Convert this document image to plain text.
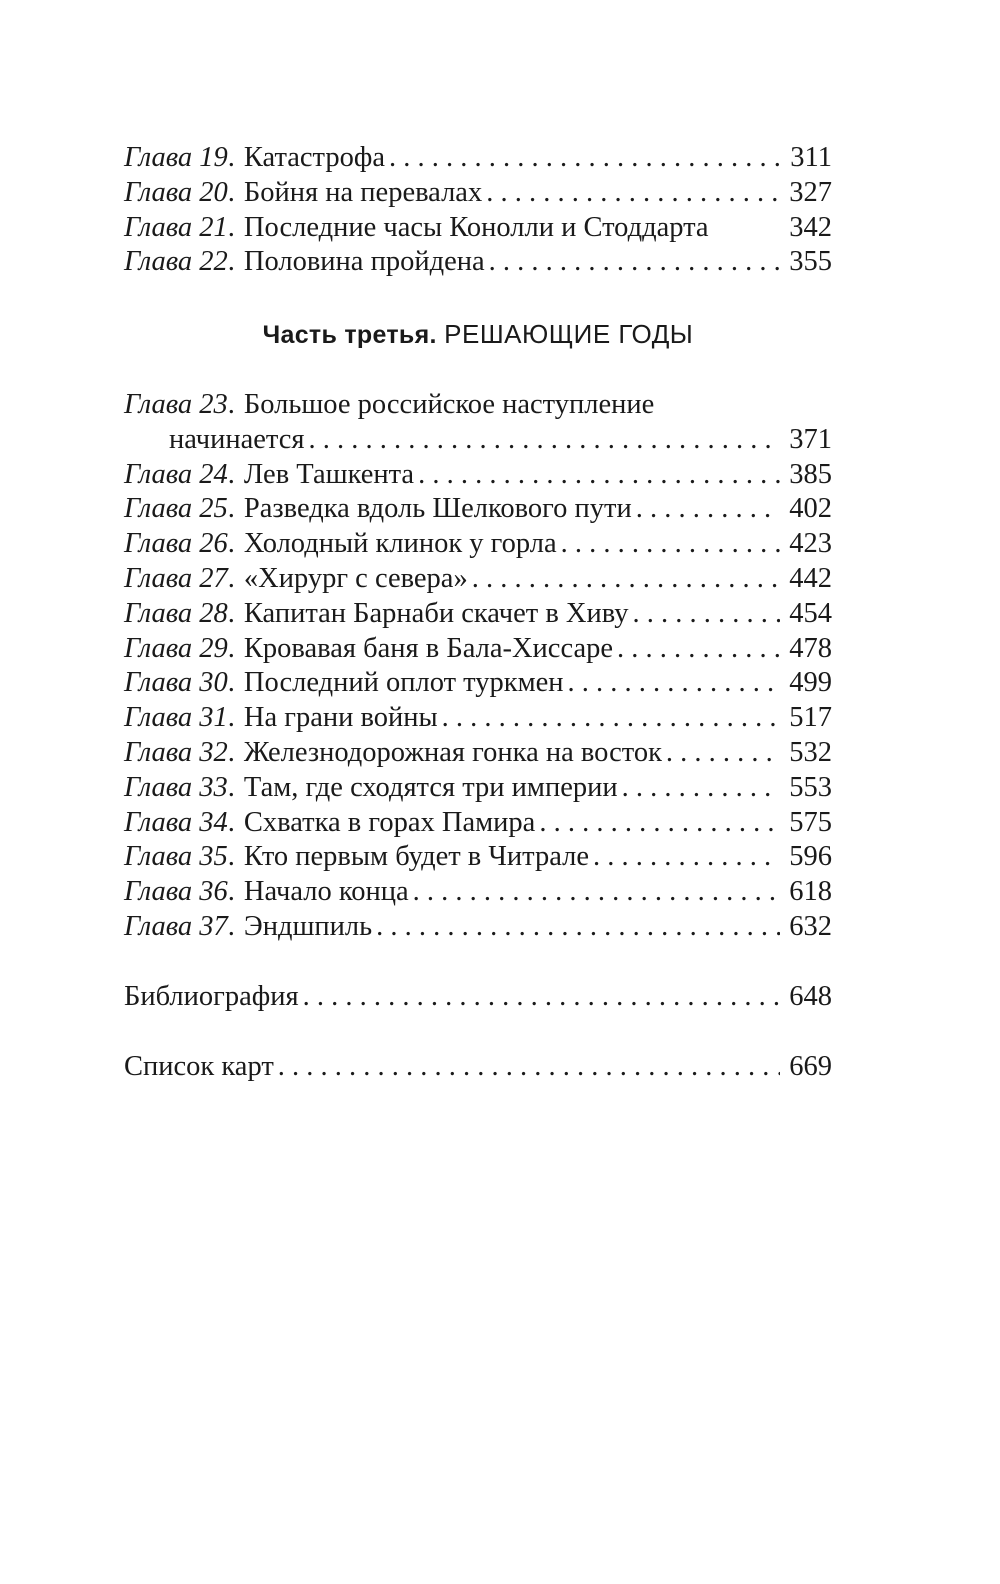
Глава 19 . Катастрофа . . .	311
Глава 20 . Бойня на перевалах . . .	327
Глава 21 . Последние часы Конолли и Стоддарта	342
Глава 22 . Половина пройдена . . .	355
Часть третья. РЕШАЮЩИЕ ГОДЫ
Глава 23 . Большое российское наступление
начинается . . .	371
Глава 24 . Лев Ташкента . . .	385
Глава 25 . Разведка вдоль Шелкового пути . . .	402
Глава 26 . Холодный клинок у горла . . .	423
Глава 27 . «Хирург с севера» . . .	442
Глава 28 . Капитан Барнаби скачет в Хиву . . .	454
Глава 29 . Кровавая баня в Бала-Хиссаре . . .	478
Глава 30 . Последний оплот туркмен . . .	499
Глава 31 . На грани войны . . .	517
Глава 32 . Железнодорожная гонка на восток . . .	532
Глава 33 . Там, где сходятся три империи . . .	553
Глава 34 . Схватка в горах Памира . . .	575
Глава 35 . Кто первым будет в Читрале . . .	596
Глава 36 . Начало конца . . .	618
Глава 37 . Эндшпиль . . .	632
Библиография . . .	648
Список карт . . .	669
